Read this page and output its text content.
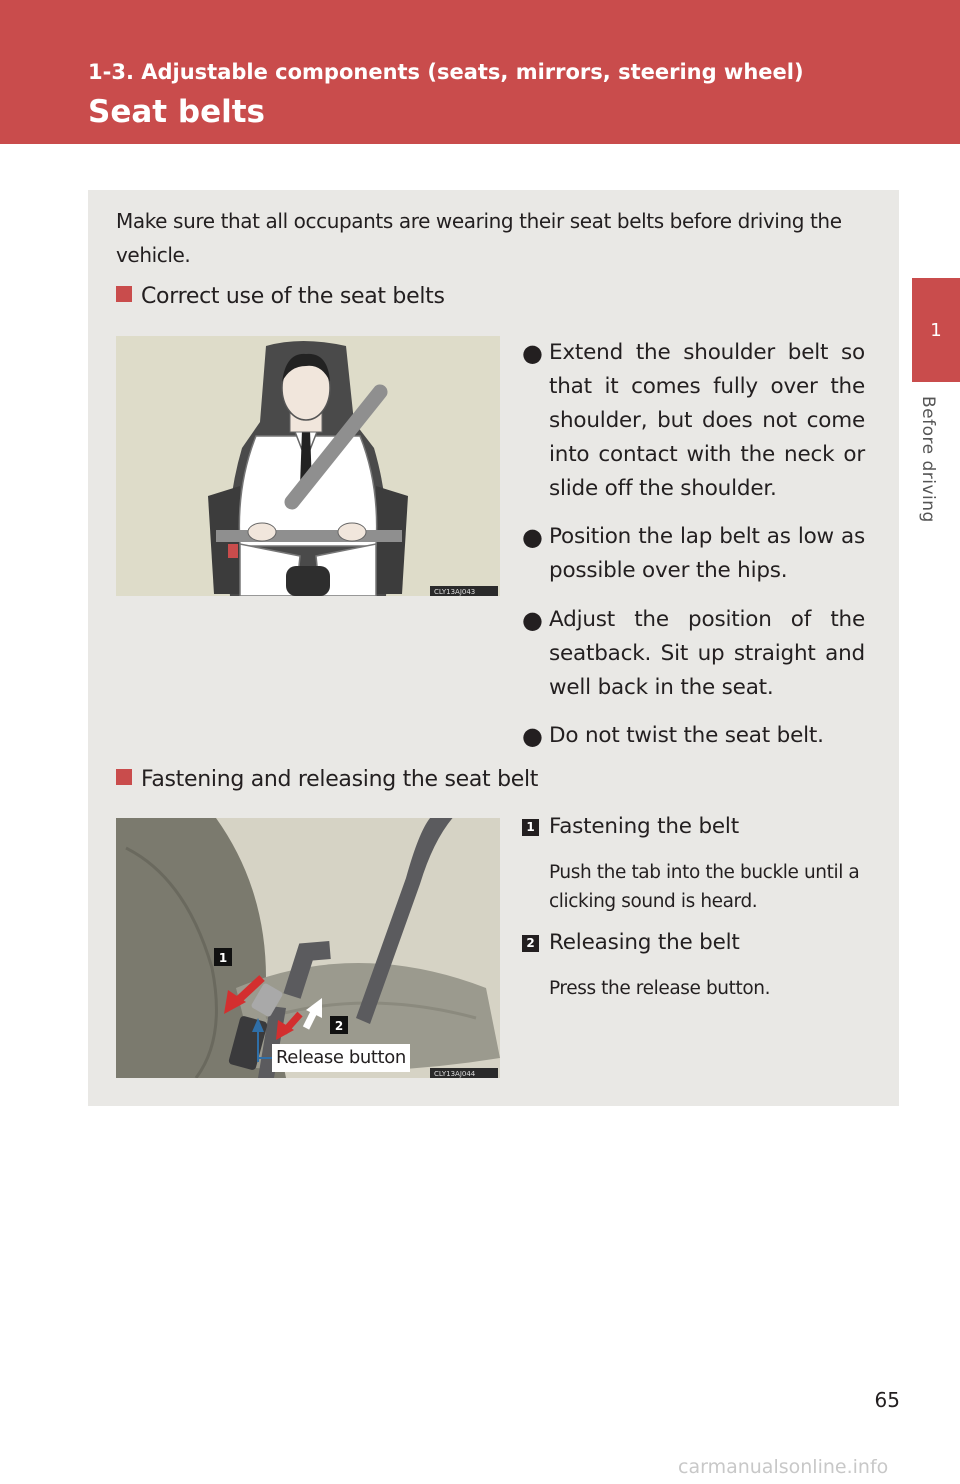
1-3. Adjustable components (seats, mirrors, steering wheel)
Seat belts
1
Before driving

Make sure that all occupants are wearing their seat belts before driving the vehicle.

Correct use of the seat belts

CLY13AJ043
● Extend the shoulder belt so that it comes fully over the shoulder, but does not come into contact with the neck or slide off the shoulder.
● Position the lap belt as low as possible over the hips.
● Adjust the position of the seatback. Sit up straight and well back in the seat.
● Do not twist the seat belt.

Fastening and releasing the seat belt

1
2
CLY13AJ044
Release button
1 Fastening the belt

Push the tab into the buckle until a clicking sound is heard.

2 Releasing the belt

Press the release button.

65
carmanualsonline.info
